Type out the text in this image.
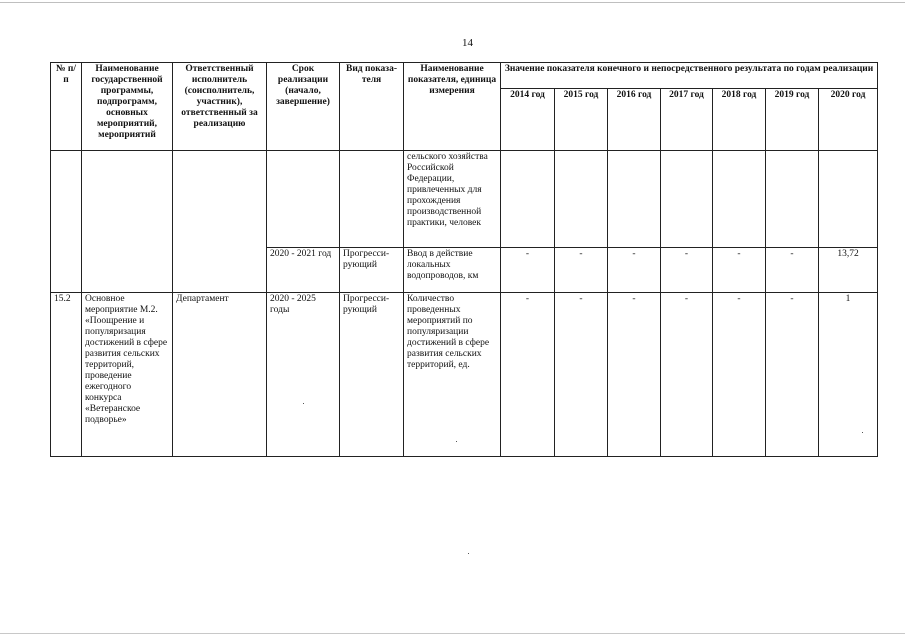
14
№ п/п	Наименование государственной программы, подпрограмм, основных мероприятий, мероприятий	Ответственный исполнитель (соисполнитель, участник), ответственный за реализацию	Срок реализации (начало, завершение)	Вид показа-теля	Наименование показателя, единица измерения	Значение показателя конечного и непосредственного результата по годам реализации						
						2014 год	2015 год	2016 год	2017 год	2018 год	2019 год	2020 год
					сельского хозяйства Российской Федерации, привлеченных для прохождения производственной практики, человек							
			2020 - 2021 год	Прогресси-рующий	Ввод в действие локальных водопроводов, км	-	-	-	-	-	-	13,72
15.2	Основное мероприятие М.2. «Поощрение и популяризация достижений в сфере развития сельских территорий, проведение ежегодного конкурса «Ветеранское подворье»	Департамент	2020 - 2025 годы	Прогресси-рующий	Количество проведенных мероприятий по популяризации достижений в сфере развития сельских территорий, ед.	-	-	-	-	-	-	1
